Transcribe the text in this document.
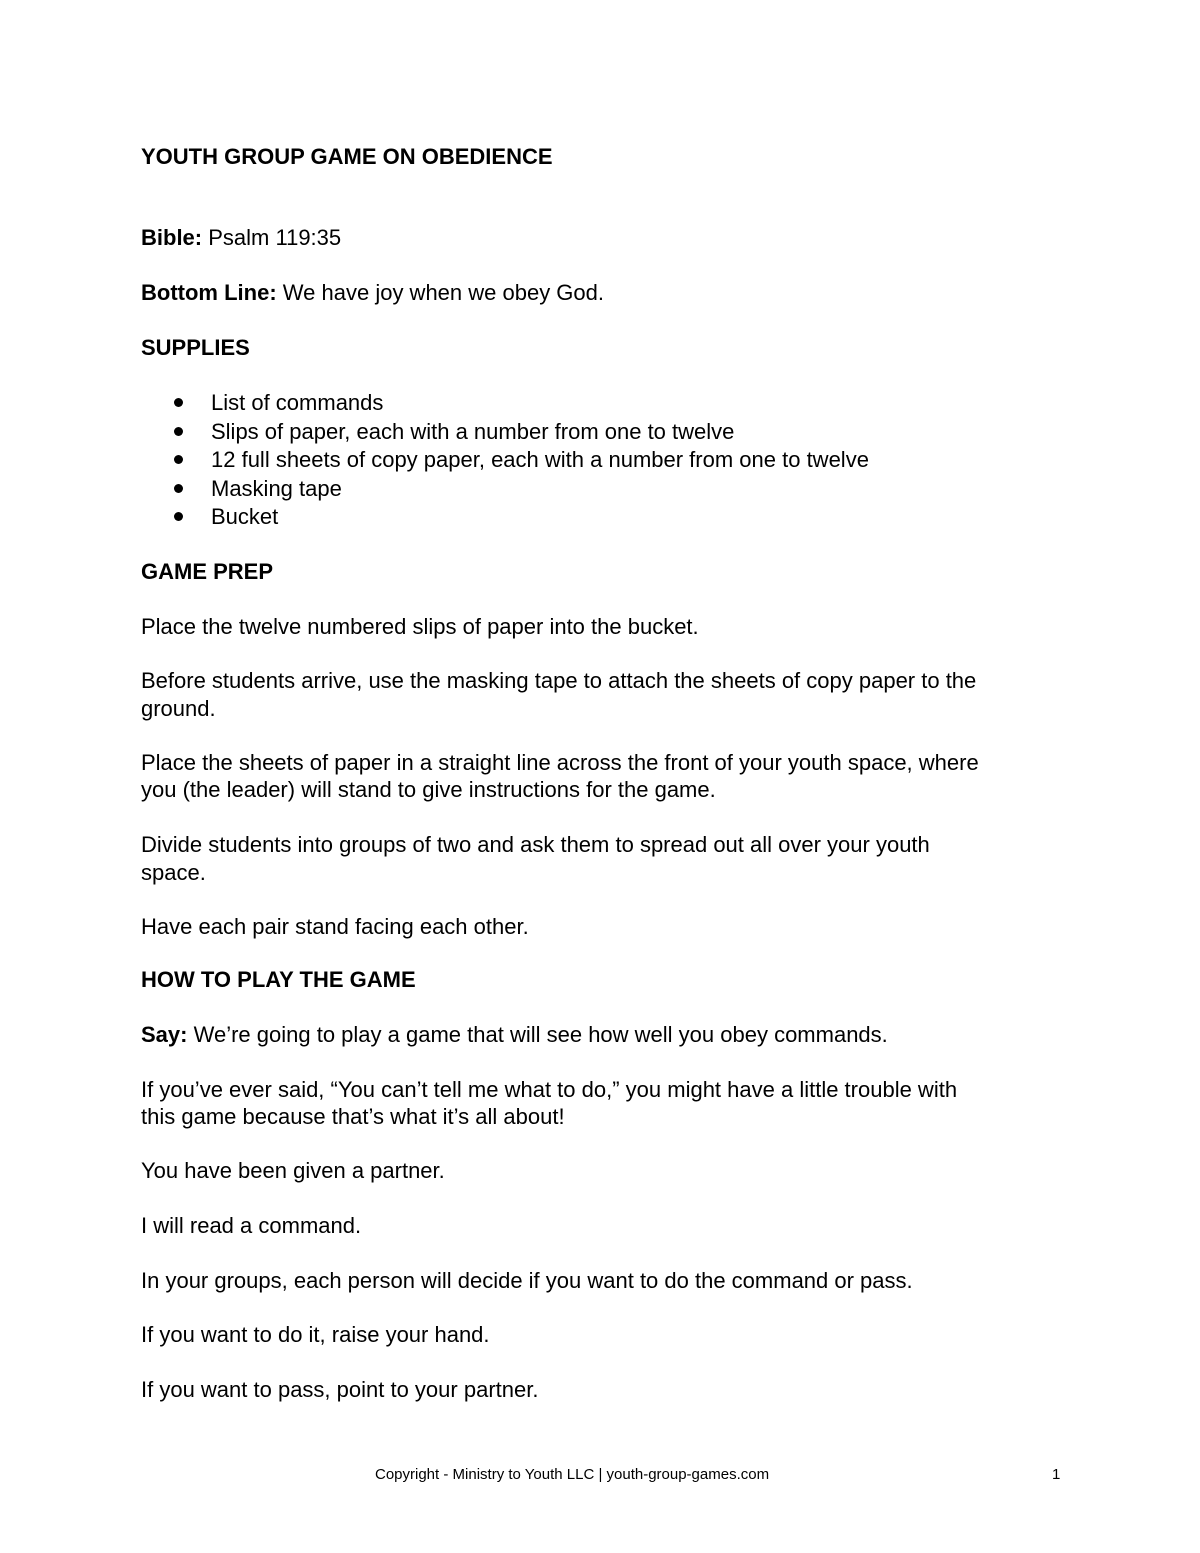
YOUTH GROUP GAME ON OBEDIENCE
Bible: Psalm 119:35
Bottom Line: We have joy when we obey God.
SUPPLIES
List of commands
Slips of paper, each with a number from one to twelve
12 full sheets of copy paper, each with a number from one to twelve
Masking tape
Bucket
GAME PREP
Place the twelve numbered slips of paper into the bucket.
Before students arrive, use the masking tape to attach the sheets of copy paper to the
ground.
Place the sheets of paper in a straight line across the front of your youth space, where
you (the leader) will stand to give instructions for the game.
Divide students into groups of two and ask them to spread out all over your youth
space.
Have each pair stand facing each other.
HOW TO PLAY THE GAME
Say: We’re going to play a game that will see how well you obey commands.
If you’ve ever said, “You can’t tell me what to do,” you might have a little trouble with
this game because that’s what it’s all about!
You have been given a partner.
I will read a command.
In your groups, each person will decide if you want to do the command or pass.
If you want to do it, raise your hand.
If you want to pass, point to your partner.
Copyright - Ministry to Youth LLC | youth-group-games.com	1
